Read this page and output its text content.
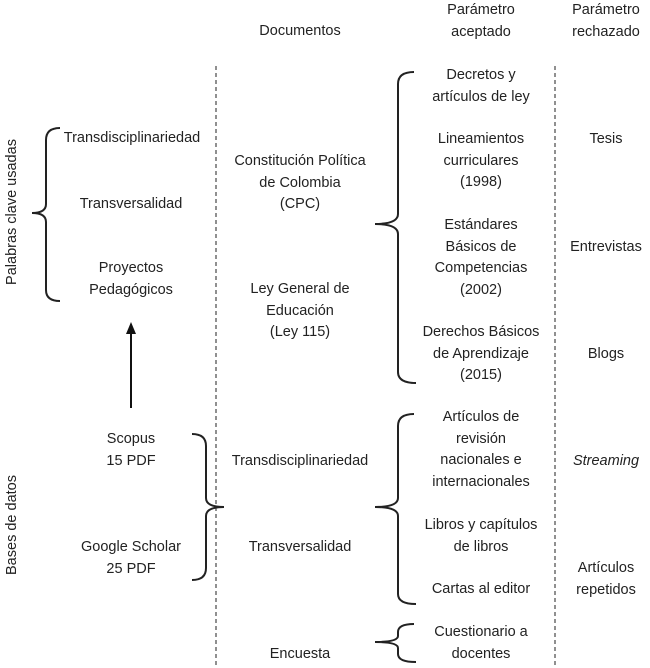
Documentos
Parámetro
aceptado
Parámetro
rechazado
Palabras clave usadas
Bases de datos
Transdisciplinariedad
Transversalidad
Proyectos
Pedagógicos
Scopus
15 PDF
Google Scholar
25 PDF
Constitución Política
de Colombia
(CPC)
Ley General de
Educación
(Ley 115)
Transdisciplinariedad
Transversalidad
Encuesta
Decretos y
artículos de ley
Lineamientos
curriculares
(1998)
Estándares
Básicos de
Competencias
(2002)
Derechos Básicos
de Aprendizaje
(2015)
Artículos de
revisión
nacionales e
internacionales
Libros y capítulos
de libros
Cartas al editor
Cuestionario a
docentes
Tesis
Entrevistas
Blogs
Streaming
Artículos
repetidos
